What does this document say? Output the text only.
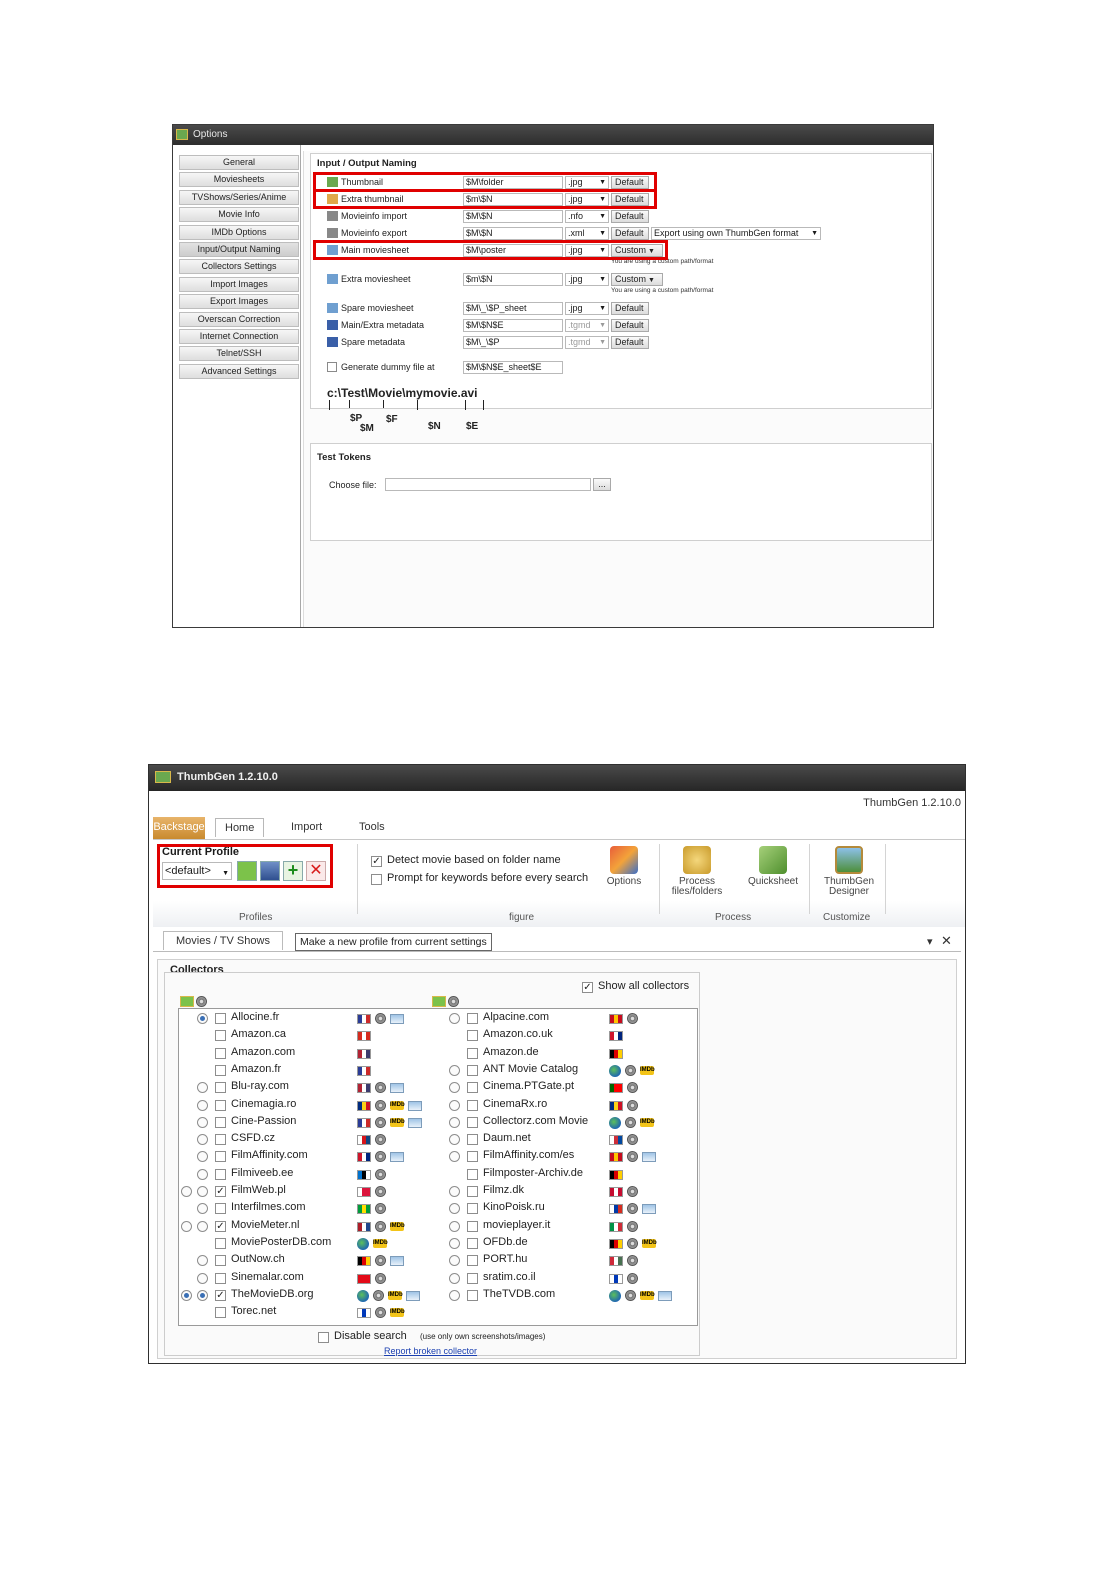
Options
General
Moviesheets
TVShows/Series/Anime
Movie Info
IMDb Options
Input/Output Naming
Collectors Settings
Import Images
Export Images
Overscan Correction
Internet Connection
Telnet/SSH
Advanced Settings
Input / Output Naming
Thumbnail	$M\folder	.jpg ▼	Default
Extra thumbnail	$m\$N	.jpg ▼	Default
Movieinfo import	$M\$N	.nfo ▼	Default
Movieinfo export	$M\$N	.xml ▼	Default	Export using own ThumbGen format ▼
Main moviesheet	$M\poster	.jpg ▼	Custom ▼
You are using a custom path/format
Extra moviesheet	$m\$N	.jpg ▼	Custom ▼
You are using a custom path/format
Spare moviesheet	$M\_\$P_sheet	.jpg ▼	Default
Main/Extra metadata	$M\$N$E	.tgmd ▼	Default
Spare metadata	$M\_\$P	.tgmd ▼	Default
Generate dummy file at	$M\$N$E_sheet$E
c:\Test\Movie\mymovie.avi
$P
$M
$F
$N	$E
Test Tokens
Choose file:	...
ThumbGen 1.2.10.0
ThumbGen 1.2.10.0
Backstage	Home	Import	Tools
Current Profile
<default> ▼	+ ✕
✓ Detect movie based on folder name
Prompt for keywords before every search	Options	Process files/folders
Quicksheet	ThumbGen Designer
Profiles	figure	Process	Customize
Make a new profile from current settings
Movies / TV Shows	▾ ✕
Collectors
✓ Show all collectors
Allocine.fr
Amazon.ca
Amazon.com
Amazon.fr
Blu-ray.com
Cinemagia.ro	IMDb
Cine-Passion	IMDb
CSFD.cz
FilmAffinity.com
Filmiveeb.ee
✓ FilmWeb.pl
Interfilmes.com
✓ MovieMeter.nl	IMDb
MoviePosterDB.com	IMDb
OutNow.ch
Sinemalar.com
✓ TheMovieDB.org	IMDb
Torec.net	IMDb
Alpacine.com
Amazon.co.uk
Amazon.de
ANT Movie Catalog	IMDb
Cinema.PTGate.pt
CinemaRx.ro
Collectorz.com Movie	IMDb
Daum.net
FilmAffinity.com/es
Filmposter-Archiv.de
Filmz.dk
KinoPoisk.ru
movieplayer.it
OFDb.de	IMDb
PORT.hu
sratim.co.il
TheTVDB.com	IMDb
Disable search (use only own screenshots/images)
Report broken collector
